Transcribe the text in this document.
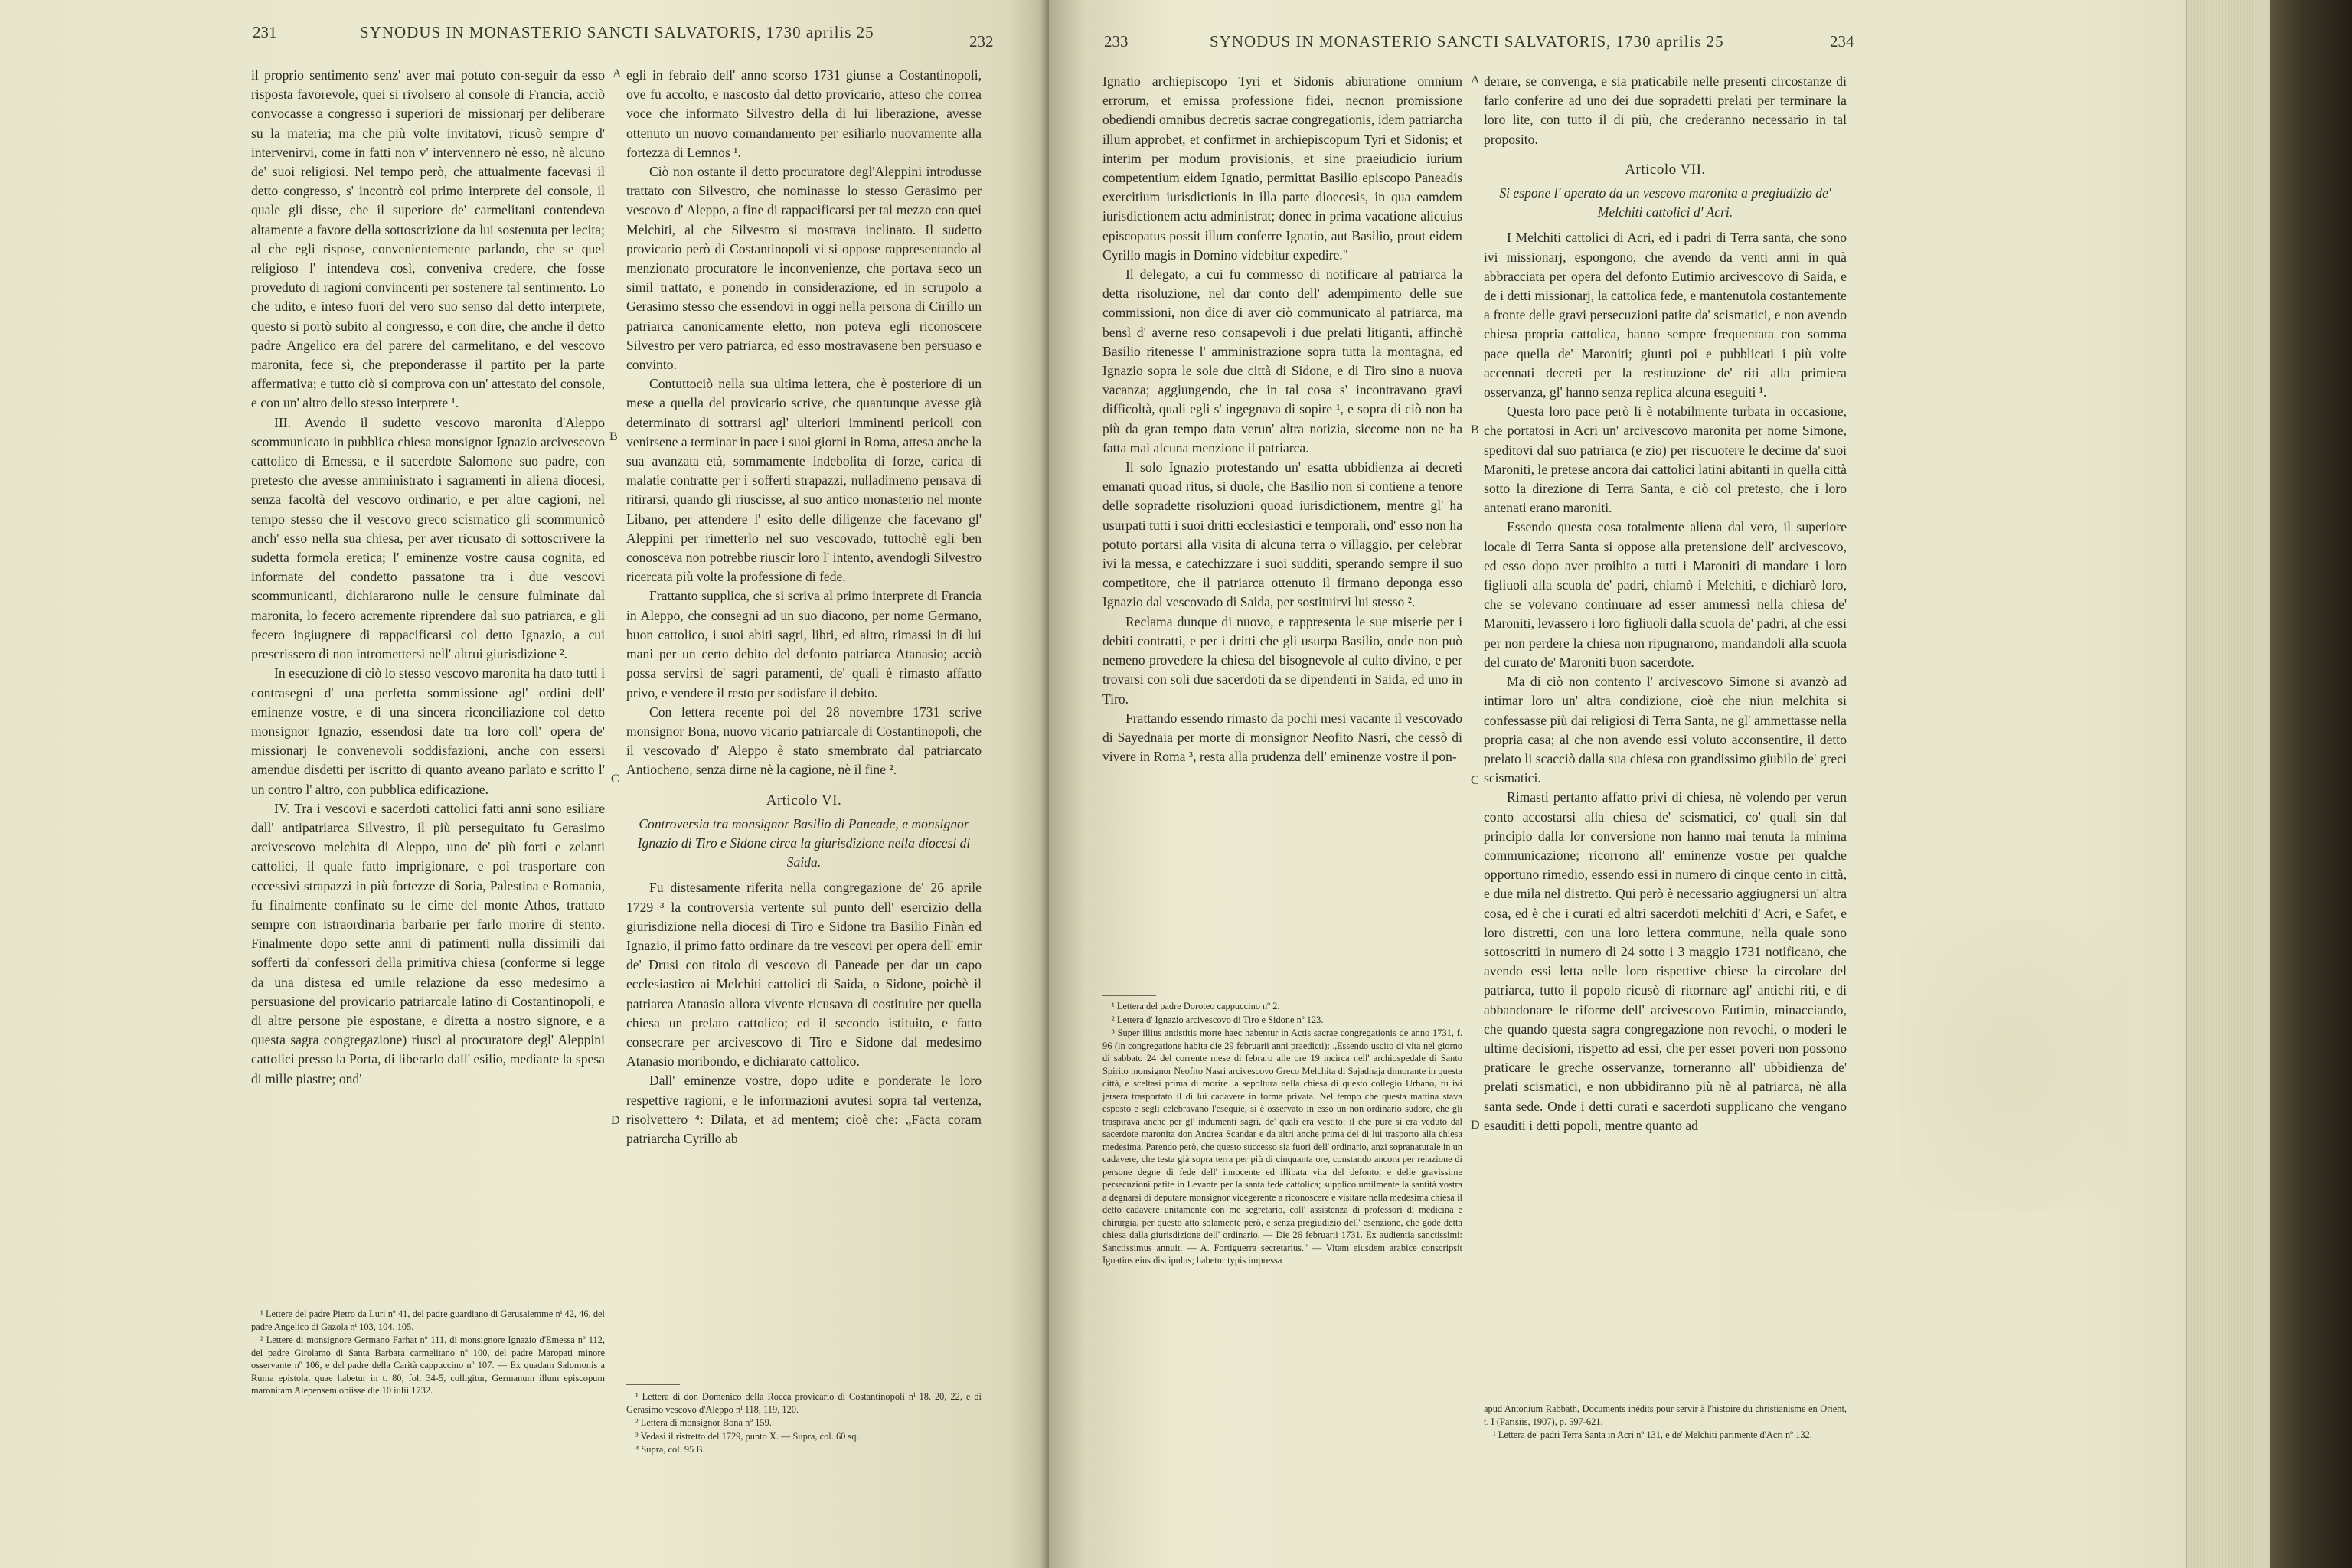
231	SYNODUS IN MONASTERIO SANCTI SALVATORIS, 1730 aprilis 25	232

il proprio sentimento senz' aver mai potuto con-seguir da esso risposta favorevole, quei si rivolsero al console di Francia, acciò convocasse a congresso i superiori de' missionarj per deliberare su la materia; ma che più volte invitatovi, ricusò sempre d' intervenirvi, come in fatti non v' intervennero nè esso, nè alcuno de' suoi religiosi. Nel tempo però, che attualmente facevasi il detto congresso, s' incontrò col primo interprete del console, il quale gli disse, che il superiore de' carmelitani contendeva altamente a favore della sottoscrizione da lui sostenuta per lecita; al che egli rispose, convenientemente parlando, che se quel religioso l' intendeva così, conveniva credere, che fosse proveduto di ragioni convincenti per sostenere tal sentimento. Lo che udito, e inteso fuori del vero suo senso dal detto interprete, questo si portò subito al congresso, e con dire, che anche il detto padre Angelico era del parere del carmelitano, e del vescovo maronita, fece sì, che preponderasse il partito per la parte affermativa; e tutto ciò si comprova con un' attestato del console, e con un' altro dello stesso interprete ¹.

III. Avendo il sudetto vescovo maronita d'Aleppo scommunicato in pubblica chiesa monsignor Ignazio arcivescovo cattolico di Emessa, e il sacerdote Salomone suo padre, con pretesto che avesse amministrato i sagramenti in aliena diocesi, senza facoltà del vescovo ordinario, e per altre cagioni, nel tempo stesso che il vescovo greco scismatico gli scommunicò anch' esso nella sua chiesa, per aver ricusato di sottoscrivere la sudetta formola eretica; l' eminenze vostre causa cognita, ed informate del condetto passatone tra i due vescovi scommunicanti, dichiararono nulle le censure fulminate dal maronita, lo fecero acremente riprendere dal suo patriarca, e gli fecero ingiugnere di rappacificarsi col detto Ignazio, a cui prescrissero di non intromettersi nell' altrui giurisdizione ².

In esecuzione di ciò lo stesso vescovo maronita ha dato tutti i contrasegni d' una perfetta sommissione agl' ordini dell' eminenze vostre, e di una sincera riconciliazione col detto monsignor Ignazio, essendosi date tra loro coll' opera de' missionarj le convenevoli soddisfazioni, anche con essersi amendue disdetti per iscritto di quanto aveano parlato e scritto l' un contro l' altro, con pubblica edificazione.

IV. Tra i vescovi e sacerdoti cattolici fatti anni sono esiliare dall' antipatriarca Silvestro, il più perseguitato fu Gerasimo arcivescovo melchita di Aleppo, uno de' più forti e zelanti cattolici, il quale fatto imprigionare, e poi trasportare con eccessivi strapazzi in più fortezze di Soria, Palestina e Romania, fu finalmente confinato su le cime del monte Athos, trattato sempre con istraordinaria barbarie per farlo morire di stento. Finalmente dopo sette anni di patimenti nulla dissimili dai sofferti da' confessori della primitiva chiesa (conforme si legge da una distesa ed umile relazione da esso medesimo a persuasione del provicario patriarcale latino di Costantinopoli, e di altre persone pie espostane, e diretta a nostro signore, e a questa sagra congregazione) riuscì al procuratore degl' Aleppini cattolici presso la Porta, di liberarlo dall' esilio, mediante la spesa di mille piastre; ond'

¹ Lettere del padre Pietro da Luri nº 41, del padre guardiano di Gerusalemme nⁱ 42, 46, del padre Angelico di Gazola nⁱ 103, 104, 105.

² Lettere di monsignore Germano Farhat nº 111, di monsignore Ignazio d'Emessa nº 112, del padre Girolamo di Santa Barbara carmelitano nº 100, del padre Maropati minore osservante nº 106, e del padre della Carità cappuccino nº 107. — Ex quadam Salomonis a Ruma epistola, quae habetur in t. 80, fol. 34-5, colligitur, Germanum illum episcopum maronitam Alepensem obiisse die 10 iulii 1732.

A
B
C
D

egli in febraio dell' anno scorso 1731 giunse a Costantinopoli, ove fu accolto, e nascosto dal detto provicario, atteso che correa voce che informato Silvestro della di lui liberazione, avesse ottenuto un nuovo comandamento per esiliarlo nuovamente alla fortezza di Lemnos ¹.

Ciò non ostante il detto procuratore degl'Aleppini introdusse trattato con Silvestro, che nominasse lo stesso Gerasimo per vescovo d' Aleppo, a fine di rappacificarsi per tal mezzo con quei Melchiti, al che Silvestro si mostrava inclinato. Il sudetto provicario però di Costantinopoli vi si oppose rappresentando al menzionato procuratore le inconvenienze, che portava seco un simil trattato, e ponendo in considerazione, ed in scrupolo a Gerasimo stesso che essendovi in oggi nella persona di Cirillo un patriarca canonicamente eletto, non poteva egli riconoscere Silvestro per vero patriarca, ed esso mostravasene ben persuaso e convinto.

Contuttociò nella sua ultima lettera, che è posteriore di un mese a quella del provicario scrive, che quantunque avesse già determinato di sottrarsi agl' ulteriori imminenti pericoli con venirsene a terminar in pace i suoi giorni in Roma, attesa anche la sua avanzata età, sommamente indebolita di forze, carica di malatie contratte per i sofferti strapazzi, nulladimeno pensava di ritirarsi, quando gli riuscisse, al suo antico monasterio nel monte Libano, per attendere l' esito delle diligenze che facevano gl' Aleppini per rimetterlo nel suo vescovado, tuttochè egli ben conosceva non potrebbe riuscir loro l' intento, avendogli Silvestro ricercata più volte la professione di fede.

Frattanto supplica, che si scriva al primo interprete di Francia in Aleppo, che consegni ad un suo diacono, per nome Germano, buon cattolico, i suoi abiti sagri, libri, ed altro, rimassi in di lui mani per un certo debito del defonto patriarca Atanasio; acciò possa servirsi de' sagri paramenti, de' quali è rimasto affatto privo, e vendere il resto per sodisfare il debito.

Con lettera recente poi del 28 novembre 1731 scrive monsignor Bona, nuovo vicario patriarcale di Costantinopoli, che il vescovado d' Aleppo è stato smembrato dal patriarcato Antiocheno, senza dirne nè la cagione, nè il fine ².

Articolo VI.

Controversia tra monsignor Basilio di Paneade, e monsignor Ignazio di Tiro e Sidone circa la giurisdizione nella diocesi di Saida.

Fu distesamente riferita nella congregazione de' 26 aprile 1729 ³ la controversia vertente sul punto dell' esercizio della giurisdizione nella diocesi di Tiro e Sidone tra Basilio Finàn ed Ignazio, il primo fatto ordinare da tre vescovi per opera dell' emir de' Drusi con titolo di vescovo di Paneade per dar un capo ecclesiastico ai Melchiti cattolici di Saida, o Sidone, poichè il patriarca Atanasio allora vivente ricusava di costituire per quella chiesa un prelato cattolico; ed il secondo istituito, e fatto consecrare per arcivescovo di Tiro e Sidone dal medesimo Atanasio moribondo, e dichiarato cattolico.

Dall' eminenze vostre, dopo udite e ponderate le loro respettive ragioni, e le informazioni avutesi sopra tal vertenza, risolvettero ⁴: Dilata, et ad mentem; cioè che: „Facta coram patriarcha Cyrillo ab

¹ Lettera di don Domenico della Rocca provicario di Costantinopoli nⁱ 18, 20, 22, e di Gerasimo vescovo d'Aleppo nⁱ 118, 119, 120.

² Lettera di monsignor Bona nº 159.

³ Vedasi il ristretto del 1729, punto X. — Supra, col. 60 sq.

⁴ Supra, col. 95 B.

233	SYNODUS IN MONASTERIO SANCTI SALVATORIS, 1730 aprilis 25	234

Ignatio archiepiscopo Tyri et Sidonis abiuratione omnium errorum, et emissa professione fidei, necnon promissione obediendi omnibus decretis sacrae congregationis, idem patriarcha illum approbet, et confirmet in archiepiscopum Tyri et Sidonis; et interim per modum provisionis, et sine praeiudicio iurium competentium eidem Ignatio, permittat Basilio episcopo Paneadis exercitium iurisdictionis in illa parte dioecesis, in qua eamdem iurisdictionem actu administrat; donec in prima vacatione alicuius episcopatus possit illum conferre Ignatio, aut Basilio, prout eidem Cyrillo magis in Domino videbitur expedire."

Il delegato, a cui fu commesso di notificare al patriarca la detta risoluzione, nel dar conto dell' adempimento delle sue commissioni, non dice di aver ciò communicato al patriarca, ma bensì d' averne reso consapevoli i due prelati litiganti, affinchè Basilio ritenesse l' amministrazione sopra tutta la montagna, ed Ignazio sopra le sole due città di Sidone, e di Tiro sino a nuova vacanza; aggiungendo, che in tal cosa s' incontravano gravi difficoltà, quali egli s' ingegnava di sopire ¹, e sopra di ciò non ha più da gran tempo data verun' altra notizia, siccome non ne ha fatta mai alcuna menzione il patriarca.

Il solo Ignazio protestando un' esatta ubbidienza ai decreti emanati quoad ritus, si duole, che Basilio non si contiene a tenore delle sopradette risoluzioni quoad iurisdictionem, mentre gl' ha usurpati tutti i suoi dritti ecclesiastici e temporali, ond' esso non ha potuto portarsi alla visita di alcuna terra o villaggio, per celebrar ivi la messa, e catechizzare i suoi sudditi, sperando sempre il suo competitore, che il patriarca ottenuto il firmano deponga esso Ignazio dal vescovado di Saida, per sostituirvi lui stesso ².

Reclama dunque di nuovo, e rappresenta le sue miserie per i debiti contratti, e per i dritti che gli usurpa Basilio, onde non può nemeno provedere la chiesa del bisognevole al culto divino, e per trovarsi con soli due sacerdoti da se dipendenti in Saida, ed uno in Tiro.

Frattando essendo rimasto da pochi mesi vacante il vescovado di Sayednaia per morte di monsignor Neofito Nasri, che cessò di vivere in Roma ³, resta alla prudenza dell' eminenze vostre il pon-

¹ Lettera del padre Doroteo cappuccino nº 2.

² Lettera d' Ignazio arcivescovo di Tiro e Sidone nº 123.

³ Super illius antistitis morte haec habentur in Actis sacrae congregationis de anno 1731, f. 96 (in congregatione habita die 29 februarii anni praedicti): „Essendo uscito di vita nel giorno di sabbato 24 del corrente mese di febraro alle ore 19 incirca nell' archiospedale di Santo Spirito monsignor Neofito Nasri arcivescovo Greco Melchita di Sajadnaja dimorante in questa città, e sceltasi prima di morire la sepoltura nella chiesa di questo collegio Urbano, fu ivi jersera trasportato il di lui cadavere in forma privata. Nel tempo che questa mattina stava esposto e segli celebravano l'esequie, si è osservato in esso un non ordinario sudore, che gli traspirava anche per gl' indumenti sagri, de' quali era vestito: il che pure si era veduto dal sacerdote maronita don Andrea Scandar e da altri anche prima del di lui trasporto alla chiesa medesima. Parendo però, che questo successo sia fuori dell' ordinario, anzi sopranaturale in un cadavere, che testa già sopra terra per più di cinquanta ore, constando ancora per relazione di persone degne di fede dell' innocente ed illibata vita del defonto, e delle gravissime persecuzioni patite in Levante per la santa fede cattolica; supplico umilmente la santità vostra a degnarsi di deputare monsignor vicegerente a riconoscere e visitare nella medesima chiesa il detto cadavere unitamente con me segretario, coll' assistenza di professori di medicina e chirurgia, per questo atto solamente però, e senza pregiudizio dell' esenzione, che gode detta chiesa dalla giurisdizione dell' ordinario. — Die 26 februarii 1731. Ex audientia sanctissimi: Sanctissimus annuit. — A. Fortiguerra secretarius." — Vitam eiusdem arabice conscripsit Ignatius eius discipulus; habetur typis impressa

A
B
C
D

derare, se convenga, e sia praticabile nelle presenti circostanze di farlo conferire ad uno dei due sopradetti prelati per terminare la loro lite, con tutto il di più, che crederanno necessario in tal proposito.

Articolo VII.

Si espone l' operato da un vescovo maronita a pregiudizio de' Melchiti cattolici d' Acri.

I Melchiti cattolici di Acri, ed i padri di Terra santa, che sono ivi missionarj, espongono, che avendo da venti anni in quà abbracciata per opera del defonto Eutimio arcivescovo di Saida, e de i detti missionarj, la cattolica fede, e mantenutola costantemente a fronte delle gravi persecuzioni patite da' scismatici, e non avendo chiesa propria cattolica, hanno sempre frequentata con somma pace quella de' Maroniti; giunti poi e pubblicati i più volte accennati decreti per la restituzione de' riti alla primiera osservanza, gl' hanno senza replica alcuna eseguiti ¹.

Questa loro pace però li è notabilmente turbata in occasione, che portatosi in Acri un' arcivescovo maronita per nome Simone, speditovi dal suo patriarca (e zio) per riscuotere le decime da' suoi Maroniti, le pretese ancora dai cattolici latini abitanti in quella città sotto la direzione di Terra Santa, e ciò col pretesto, che i loro antenati erano maroniti.

Essendo questa cosa totalmente aliena dal vero, il superiore locale di Terra Santa si oppose alla pretensione dell' arcivescovo, ed esso dopo aver proibito a tutti i Maroniti di mandare i loro figliuoli alla scuola de' padri, chiamò i Melchiti, e dichiarò loro, che se volevano continuare ad esser ammessi nella chiesa de' Maroniti, levassero i loro figliuoli dalla scuola de' padri, al che essi per non perdere la chiesa non ripugnarono, mandandoli alla scuola del curato de' Maroniti buon sacerdote.

Ma di ciò non contento l' arcivescovo Simone si avanzò ad intimar loro un' altra condizione, cioè che niun melchita si confessasse più dai religiosi di Terra Santa, ne gl' ammettasse nella propria casa; al che non avendo essi voluto acconsentire, il detto prelato li scacciò dalla sua chiesa con grandissimo giubilo de' greci scismatici.

Rimasti pertanto affatto privi di chiesa, nè volendo per verun conto accostarsi alla chiesa de' scismatici, co' quali sin dal principio dalla lor conversione non hanno mai tenuta la minima communicazione; ricorrono all' eminenze vostre per qualche opportuno rimedio, essendo essi in numero di cinque cento in città, e due mila nel distretto. Qui però è necessario aggiugnersi un' altra cosa, ed è che i curati ed altri sacerdoti melchiti d' Acri, e Safet, e loro distretti, con una loro lettera commune, nella quale sono sottoscritti in numero di 24 sotto i 3 maggio 1731 notificano, che avendo essi letta nelle loro rispettive chiese la circolare del patriarca, tutto il popolo ricusò di ritornare agl' antichi riti, e di abbandonare le riforme dell' arcivescovo Eutimio, minacciando, che quando questa sagra congregazione non revochi, o moderi le ultime decisioni, rispetto ad essi, che per esser poveri non possono praticare le greche osservanze, torneranno all' ubbidienza de' prelati scismatici, e non ubbidiranno più nè al patriarca, nè alla santa sede. Onde i detti curati e sacerdoti supplicano che vengano esauditi i detti popoli, mentre quanto ad

apud Antonium Rabbath, Documents inédits pour servir à l'histoire du christianisme en Orient, t. I (Parisiis, 1907), p. 597-621.

¹ Lettera de' padri Terra Santa in Acri nº 131, e de' Melchiti parimente d'Acri nº 132.
